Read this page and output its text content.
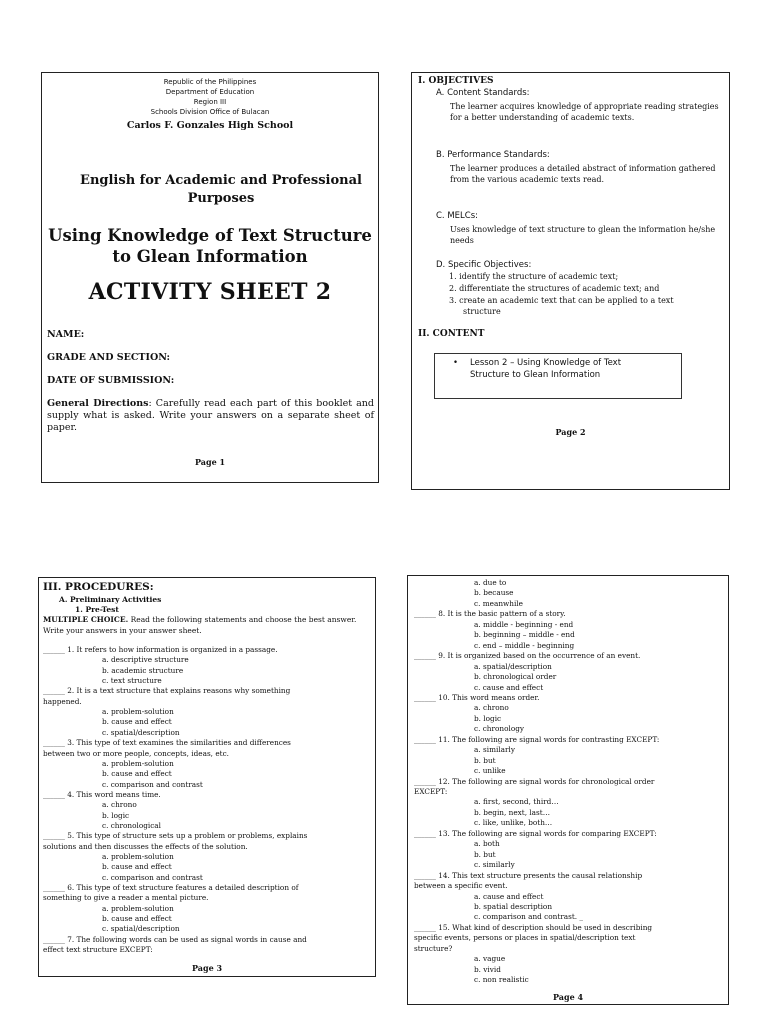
Republic of the Philippines
Department of Education
Region III
Schools Division Office of Bulacan
Carlos F. Gonzales High School
English for Academic and Professional Purposes
Using Knowledge of Text Structure to Glean Information
ACTIVITY SHEET 2
NAME:
GRADE AND SECTION:
DATE OF SUBMISSION:
General Directions: Carefully read each part of this booklet and supply what is asked. Write your answers on a separate sheet of paper.
Page 1
I. OBJECTIVES
A. Content Standards:
The learner acquires knowledge of appropriate reading strategies for a better understanding of academic texts.
B. Performance Standards:
The learner produces a detailed abstract of information gathered from the various academic texts read.
C. MELCs:
Uses knowledge of text structure to glean the information he/she needs
D. Specific Objectives:
1. identify the structure of academic text;
2. differentiate the structures of academic text; and
3. create an academic text that can be applied to a text
structure
II. CONTENT
• Lesson 2 – Using Knowledge of Text
Structure to Glean Information
Page 2
III. PROCEDURES:
A. Preliminary Activities
1. Pre-Test
MULTIPLE CHOICE. Read the following statements and choose the best answer. Write your answers in your answer sheet.
______ 1. It refers to how information is organized in a passage.
a. descriptive structure
b. academic structure
c. text structure
______ 2. It is a text structure that explains reasons why something
happened.
a. problem-solution
b. cause and effect
c. spatial/description
______ 3. This type of text examines the similarities and differences
between two or more people, concepts, ideas, etc.
a. problem-solution
b. cause and effect
c. comparison and contrast
______ 4. This word means time.
a. chrono
b. logic
c. chronological
______ 5. This type of structure sets up a problem or problems, explains
solutions and then discusses the effects of the solution.
a. problem-solution
b. cause and effect
c. comparison and contrast
______ 6. This type of text structure features a detailed description of
something to give a reader a mental picture.
a. problem-solution
b. cause and effect
c. spatial/description
______ 7. The following words can be used as signal words in cause and
effect text structure EXCEPT:
Page 3
a. due to
b. because
c. meanwhile
______ 8. It is the basic pattern of a story.
a. middle - beginning - end
b. beginning – middle - end
c. end – middle - beginning
______ 9. It is organized based on the occurrence of an event.
a. spatial/description
b. chronological order
c. cause and effect
______ 10. This word means order.
a. chrono
b. logic
c. chronology
______ 11. The following are signal words for contrasting EXCEPT:
a. similarly
b. but
c. unlike
______ 12. The following are signal words for chronological order
EXCEPT:
a. first, second, third…
b. begin, next, last…
c. like, unlike, both…
______ 13. The following are signal words for comparing EXCEPT:
a. both
b. but
c. similarly
______ 14. This text structure presents the causal relationship
between a specific event.
a. cause and effect
b. spatial description
c. comparison and contrast. _
______ 15. What kind of description should be used in describing
specific events, persons or places in spatial/description text
structure?
a. vague
b. vivid
c. non realistic
Page 4
